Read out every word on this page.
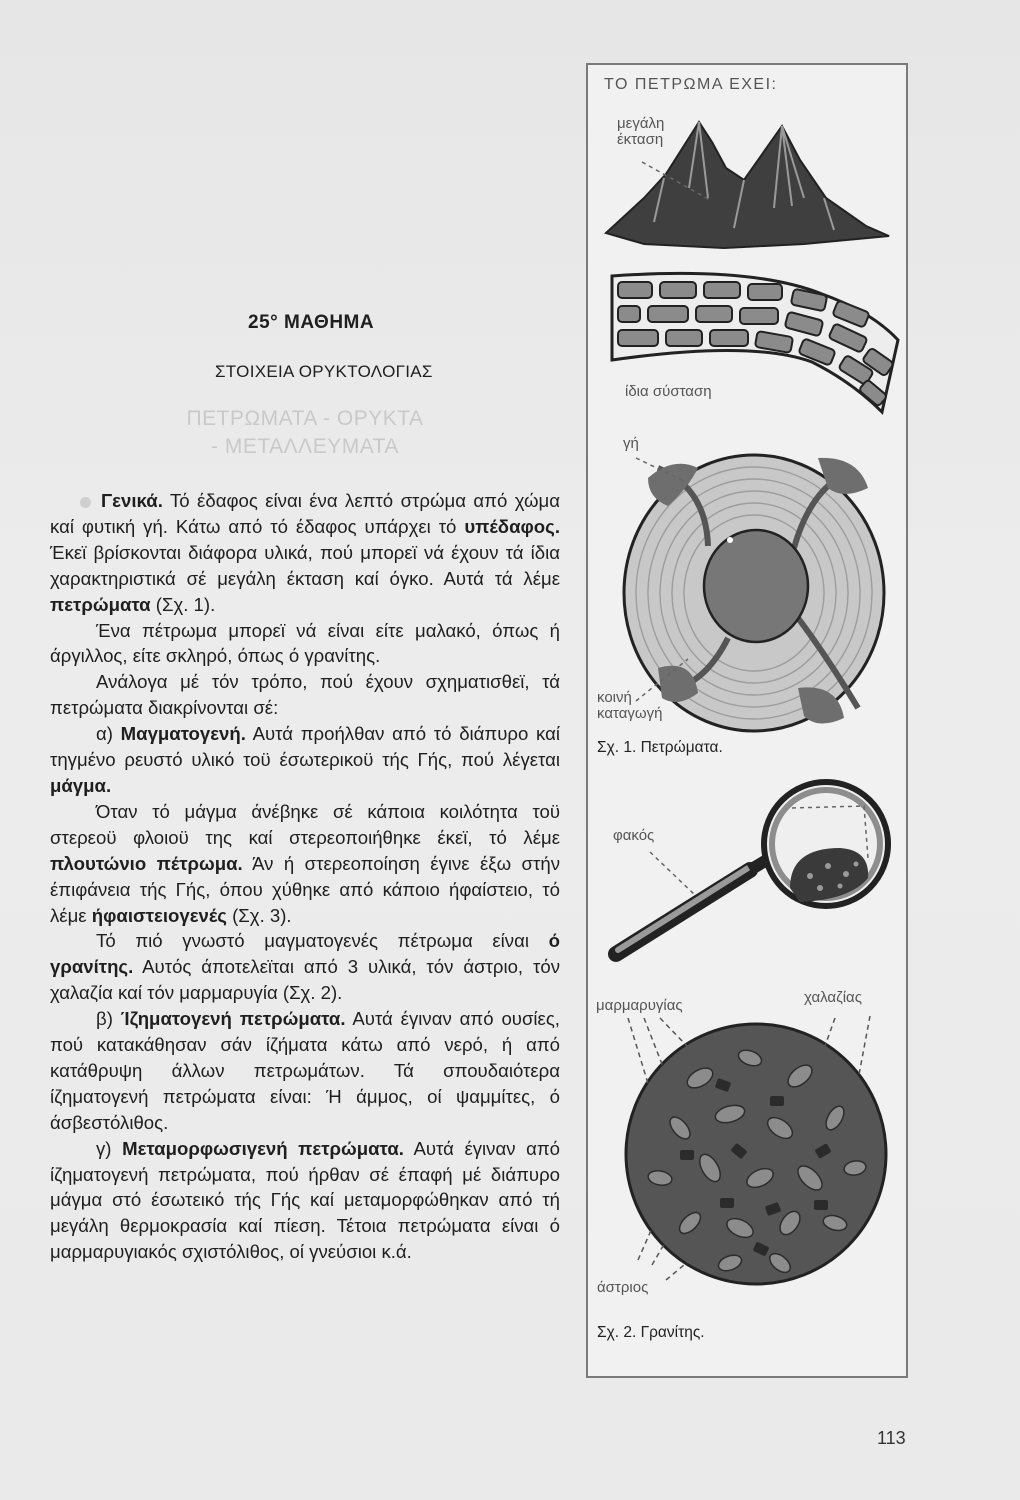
25° ΜΑΘΗΜΑ
ΣΤΟΙΧΕΙΑ ΟΡΥΚΤΟΛΟΓΙΑΣ
ΠΕΤΡΩΜΑΤΑ - ΟΡΥΚΤΑ
- ΜΕΤΑΛΛΕΥΜΑΤΑ

Γενικά. Τό έδαφος είναι ένα λεπτό στρώμα από χώμα καί φυτική γή. Κάτω από τό έδαφος υπάρχει τό υπέδαφος. Έκεϊ βρίσκονται διάφορα υλικά, πού μπορεϊ νά έχουν τά ίδια χαρακτηριστικά σέ μεγάλη έκταση καί όγκο. Αυτά τά λέμε πετρώματα (Σχ. 1).

Ένα πέτρωμα μπορεϊ νά είναι είτε μαλακό, όπως ή άργιλλος, είτε σκληρό, όπως ό γρανίτης.

Ανάλογα μέ τόν τρόπο, πού έχουν σχηματισθεϊ, τά πετρώματα διακρίνονται σέ:

α) Μαγματογενή. Αυτά προήλθαν από τό διάπυρο καί τηγμένο ρευστό υλικό τοϋ έσωτερικοϋ τής Γής, πού λέγεται μάγμα.

Όταν τό μάγμα άνέβηκε σέ κάποια κοιλότητα τοϋ στερεοϋ φλοιοϋ της καί στερεοποιήθηκε έκεϊ, τό λέμε πλουτώνιο πέτρωμα. Άν ή στερεοποίηση έγινε έξω στήν έπιφάνεια τής Γής, όπου χύθηκε από κάποιο ήφαίστειο, τό λέμε ήφαιστειογενές (Σχ. 3).

Τό πιό γνωστό μαγματογενές πέτρωμα είναι ό γρανίτης. Αυτός άποτελεϊται από 3 υλικά, τόν άστριο, τόν χαλαζία καί τόν μαρμαρυγία (Σχ. 2).

β) Ίζηματογενή πετρώματα. Αυτά έγιναν από ουσίες, πού κατακάθησαν σάν ίζήματα κάτω από νερό, ή από κατάθρυψη άλλων πετρωμάτων. Τά σπουδαιότερα ίζηματογενή πετρώματα είναι: Ή άμμος, οί ψαμμίτες, ό άσβεστόλιθος.

γ) Μεταμορφωσιγενή πετρώματα. Αυτά έγιναν από ίζηματογενή πετρώματα, πού ήρθαν σέ έπαφή μέ διάπυρο μάγμα στό έσωτεικό τής Γής καί μεταμορφώθηκαν από τή μεγάλη θερμοκρασία καί πίεση. Τέτοια πετρώματα είναι ό μαρμαρυγιακός σχιστόλιθος, οί γνεύσιοι κ.ά.

ΤΟ ΠΕΤΡΩΜΑ ΕΧΕΙ:
μεγάλη
έκταση
ίδια σύσταση
γή
κοινή
καταγωγή
Σχ. 1. Πετρώματα.
φακός
μαρμαρυγίας	χαλαζίας
άστριος
Σχ. 2. Γρανίτης.
113
